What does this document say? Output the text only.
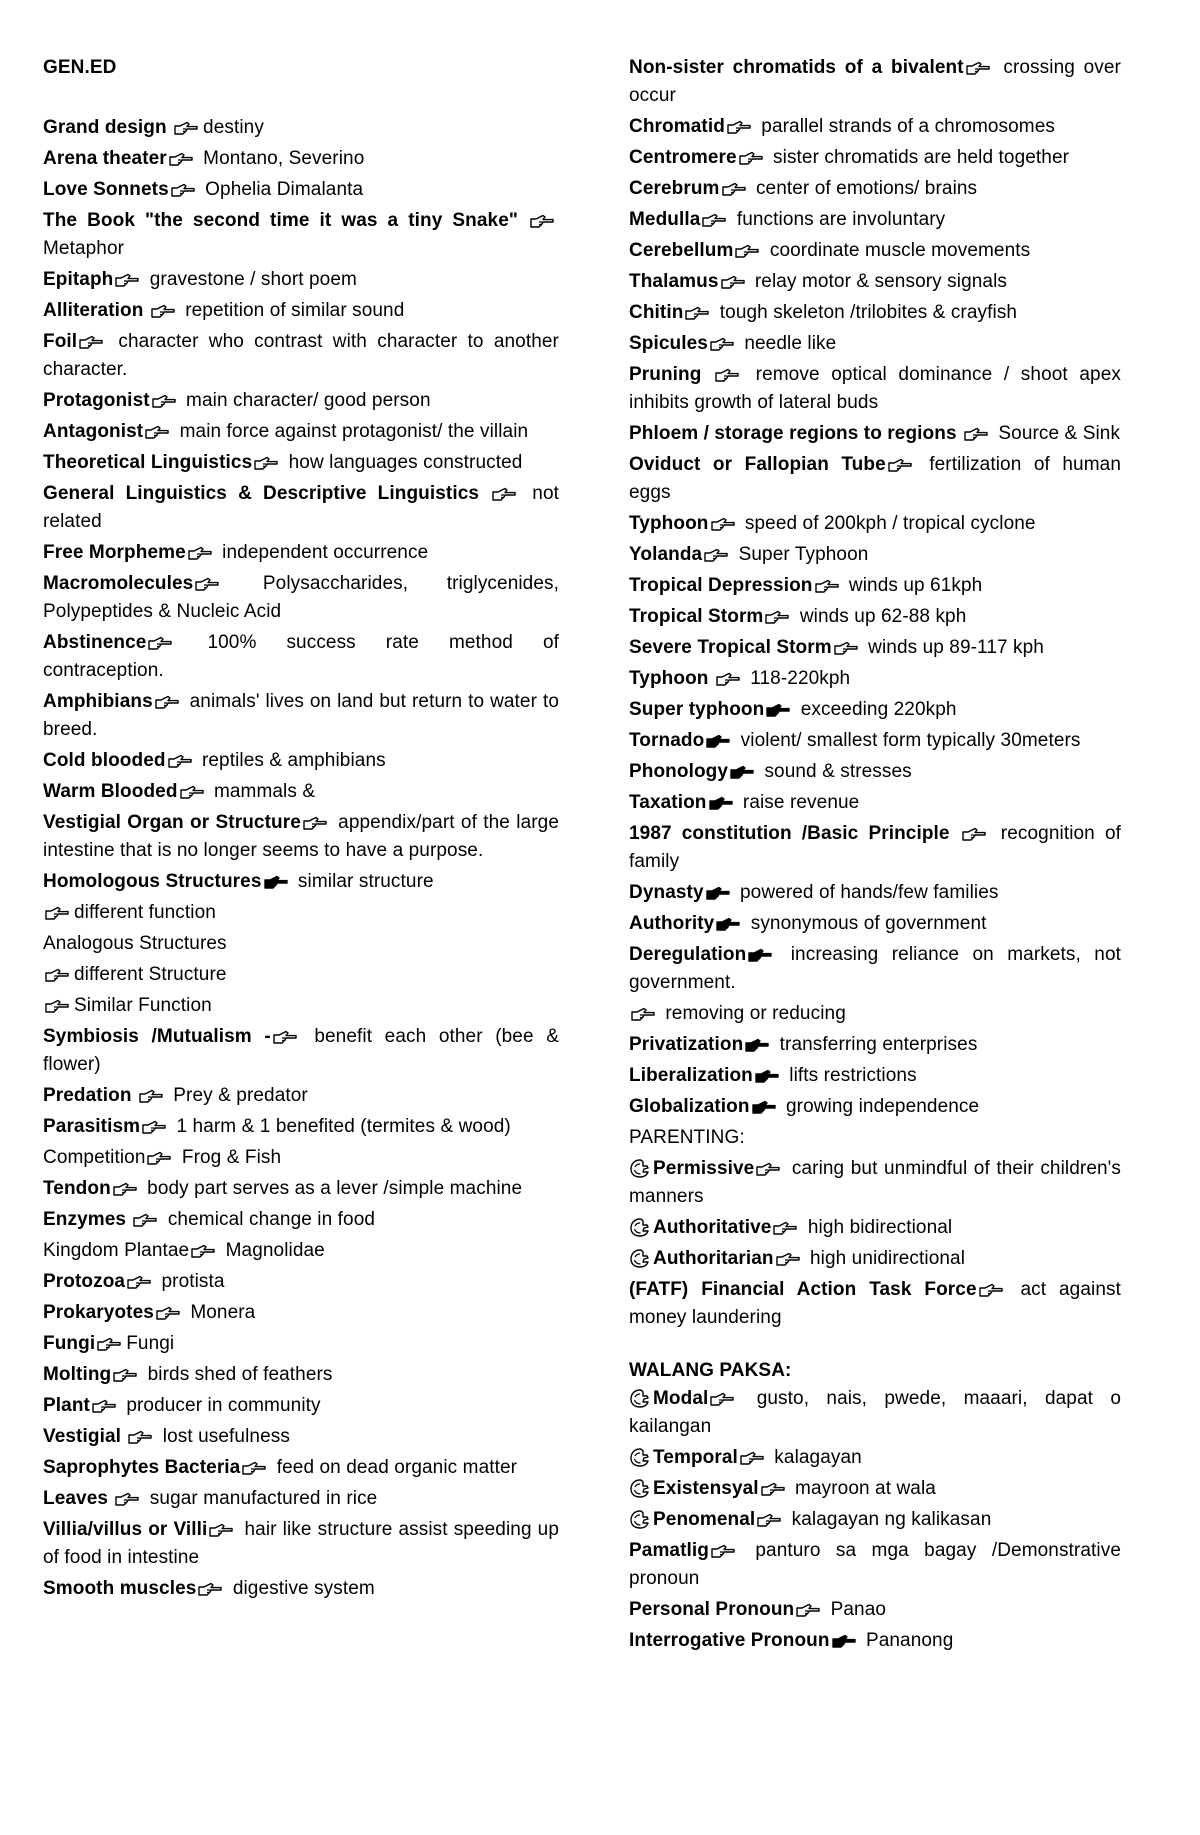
GEN.ED

Grand design
destiny

Arena theater
Montano, Severino

Love Sonnets
Ophelia Dimalanta

The Book "the second time it was a tiny Snake"
Metaphor

Epitaph
gravestone / short poem

Alliteration
repetition of similar sound

Foil
character who contrast with character to another character.

Protagonist
main character/ good person

Antagonist
main force against protagonist/ the villain

Theoretical Linguistics
how languages constructed

General Linguistics & Descriptive Linguistics
not related

Free Morpheme
independent occurrence

Macromolecules
Polysaccharides, triglycenides, Polypeptides & Nucleic Acid

Abstinence
100% success rate method of contraception.

Amphibians
animals' lives on land but return to water to breed.

Cold blooded
reptiles & amphibians

Warm Blooded
mammals &

Vestigial Organ or Structure
appendix/part of the large intestine that is no longer seems to have a purpose.

Homologous Structures
similar structure

different function

Analogous Structures

different Structure

Similar Function

Symbiosis /Mutualism -
benefit each other (bee & flower)

Predation
Prey & predator

Parasitism
1 harm & 1 benefited (termites & wood)

Competition
Frog & Fish

Tendon
body part serves as a lever /simple machine

Enzymes
chemical change in food

Kingdom Plantae
Magnolidae

Protozoa
protista

Prokaryotes
Monera

Fungi Fungi

Molting
birds shed of feathers

Plant
producer in community

Vestigial
lost usefulness

Saprophytes Bacteria
feed on dead organic matter

Leaves
sugar manufactured in rice

Villia/villus or Villi
hair like structure assist speeding up of food in intestine

Smooth muscles
digestive system

Non-sister chromatids of a bivalent
crossing over occur

Chromatid
parallel strands of a chromosomes

Centromere
sister chromatids are held together

Cerebrum
center of emotions/ brains

Medulla
functions are involuntary

Cerebellum
coordinate muscle movements

Thalamus
relay motor & sensory signals

Chitin
tough skeleton /trilobites & crayfish

Spicules
needle like

Pruning
remove optical dominance / shoot apex inhibits growth of lateral buds

Phloem / storage regions to regions
Source & Sink

Oviduct or Fallopian Tube
fertilization of human eggs

Typhoon
speed of 200kph / tropical cyclone

Yolanda
Super Typhoon

Tropical Depression
winds up 61kph

Tropical Storm
winds up 62-88 kph

Severe Tropical Storm
winds up 89-117 kph

Typhoon
118-220kph

Super typhoon
exceeding 220kph

Tornado
violent/ smallest form typically 30meters

Phonology
sound & stresses

Taxation
raise revenue

1987 constitution /Basic Principle
recognition of family

Dynasty
powered of hands/few families

Authority
synonymous of government

Deregulation
increasing reliance on markets, not government.

removing or reducing

Privatization
transferring enterprises

Liberalization
lifts restrictions

Globalization
growing independence

PARENTING:

Permissive
caring but unmindful of their children's manners

Authoritative
high bidirectional

Authoritarian
high unidirectional

(FATF) Financial Action Task Force
act against money laundering

WALANG PAKSA:

Modal
gusto, nais, pwede, maaari, dapat o kailangan

Temporal
kalagayan

Existensyal
mayroon at wala

Penomenal
kalagayan ng kalikasan

Pamatlig
panturo sa mga bagay /Demonstrative pronoun

Personal Pronoun
Panao

Interrogative Pronoun
Pananong
